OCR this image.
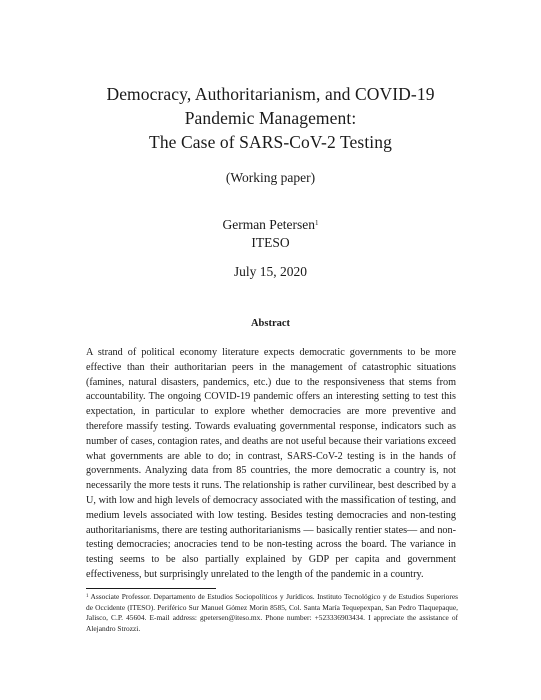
Democracy, Authoritarianism, and COVID-19
Pandemic Management:
The Case of SARS-CoV-2 Testing
(Working paper)
German Petersen$^1$
ITESO
July 15, 2020
Abstract
A strand of political economy literature expects democratic governments to be more effective than their authoritarian peers in the management of catastrophic situations (famines, natural disasters, pandemics, etc.) due to the responsiveness that stems from accountability. The ongoing COVID-19 pandemic offers an interesting setting to test this expectation, in particular to explore whether democracies are more preventive and therefore massify testing. Towards evaluating governmental response, indicators such as number of cases, contagion rates, and deaths are not useful because their variations exceed what governments are able to do; in contrast, SARS-CoV-2 testing is in the hands of governments. Analyzing data from 85 countries, the more democratic a country is, not necessarily the more tests it runs. The relationship is rather curvilinear, best described by a U, with low and high levels of democracy associated with the massification of testing, and medium levels associated with low testing. Besides testing democracies and non-testing authoritarianisms, there are testing authoritarianisms — basically rentier states— and non-testing democracies; anocracies tend to be non-testing across the board. The variance in testing seems to be also partially explained by GDP per capita and government effectiveness, but surprisingly unrelated to the length of the pandemic in a country.
$^1$ Associate Professor. Departamento de Estudios Sociopolíticos y Jurídicos. Instituto Tecnológico y de Estudios Superiores de Occidente (ITESO). Periférico Sur Manuel Gómez Morin 8585, Col. Santa María Tequepexpan, San Pedro Tlaquepaque, Jalisco, C.P. 45604. E-mail address: gpetersen@iteso.mx. Phone number: +523336903434. I appreciate the assistance of Alejandro Strozzi.
